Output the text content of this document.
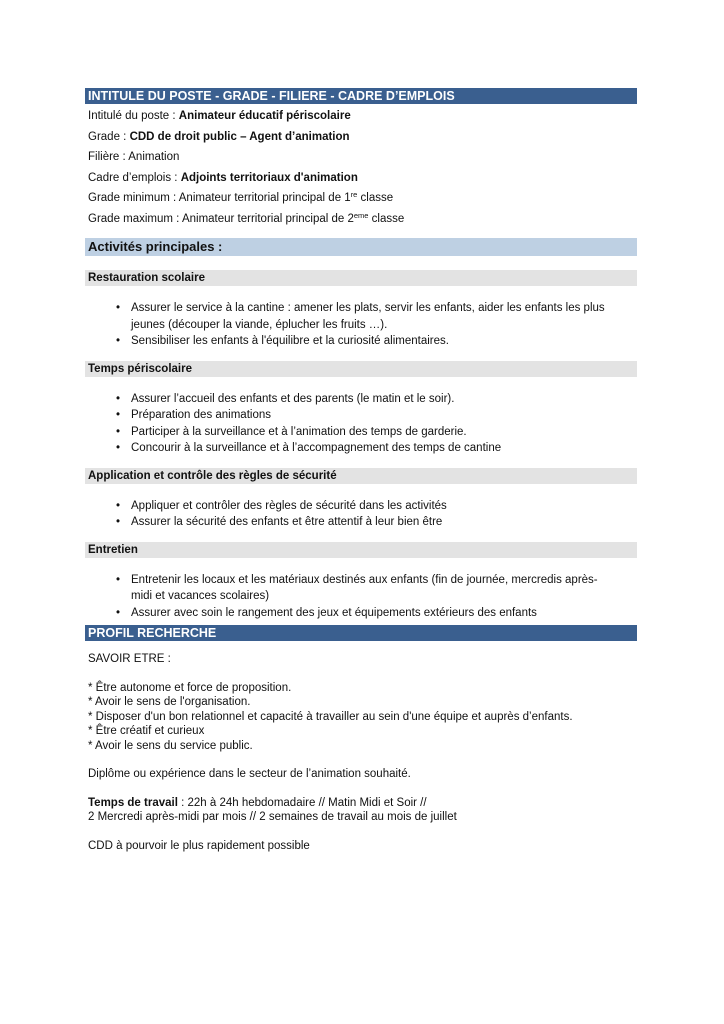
INTITULE DU POSTE - GRADE - FILIERE - CADRE D’EMPLOIS
Intitulé du poste : Animateur éducatif périscolaire
Grade : CDD de droit public – Agent d’animation
Filière : Animation
Cadre d’emplois : Adjoints territoriaux d'animation
Grade minimum : Animateur territorial principal de 1re classe
Grade maximum : Animateur territorial principal de 2eme classe
Activités principales :
Restauration scolaire
• Assurer le service à la cantine : amener les plats, servir les enfants, aider les enfants les plus
jeunes (découper la viande, éplucher les fruits …).
• Sensibiliser les enfants à l'équilibre et la curiosité alimentaires.
Temps périscolaire
• Assurer l’accueil des enfants et des parents (le matin et le soir).
• Préparation des animations
• Participer à la surveillance et à l’animation des temps de garderie.
• Concourir à la surveillance et à l’accompagnement des temps de cantine
Application et contrôle des règles de sécurité
• Appliquer et contrôler des règles de sécurité dans les activités
• Assurer la sécurité des enfants et être attentif à leur bien être
Entretien
• Entretenir les locaux et les matériaux destinés aux enfants (fin de journée, mercredis après-
midi et vacances scolaires)
• Assurer avec soin le rangement des jeux et équipements extérieurs des enfants
PROFIL RECHERCHE
SAVOIR ETRE :
* Être autonome et force de proposition.
* Avoir le sens de l'organisation.
* Disposer d'un bon relationnel et capacité à travailler au sein d'une équipe et auprès d’enfants.
* Être créatif et curieux
* Avoir le sens du service public.
Diplôme ou expérience dans le secteur de l’animation souhaité.
Temps de travail : 22h à 24h hebdomadaire // Matin Midi et Soir //
2 Mercredi après-midi par mois // 2 semaines de travail au mois de juillet
CDD à pourvoir le plus rapidement possible
